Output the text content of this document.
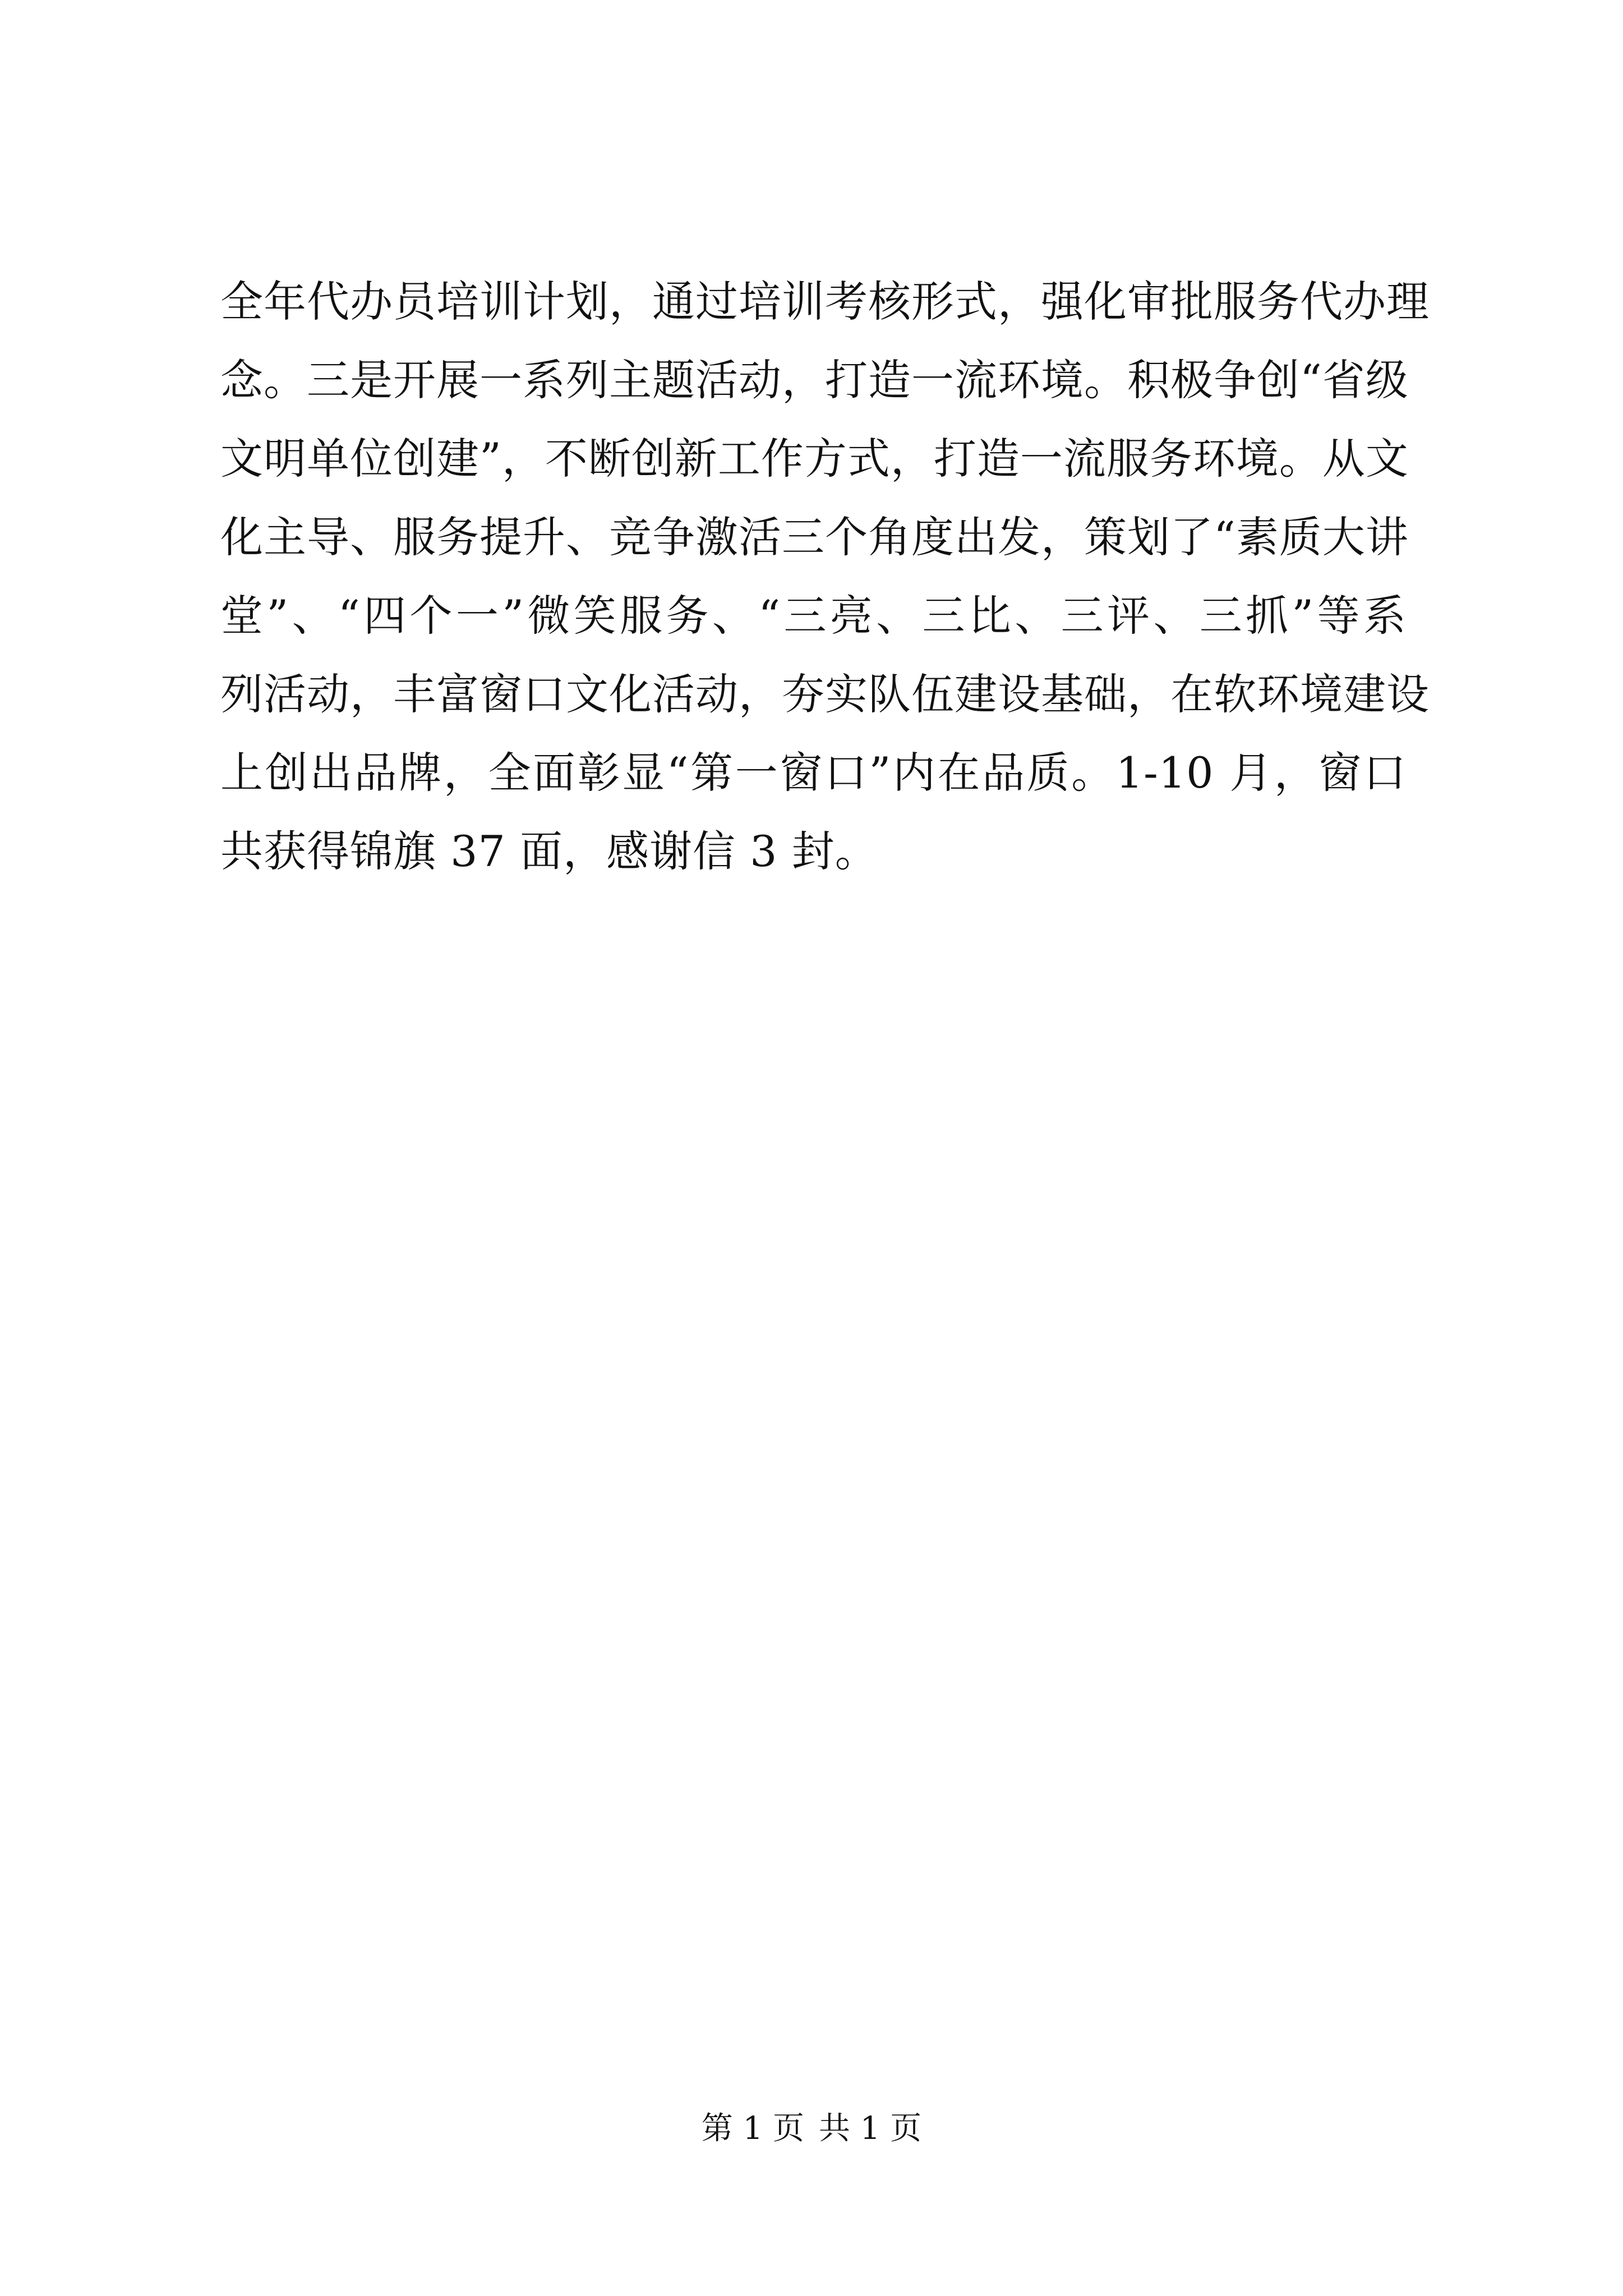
全年代办员培训计划，通过培训考核形式，强化审批服务代办理
念。三是开展一系列主题活动，打造一流环境。积极争创“省级
文明单位创建”，不断创新工作方式，打造一流服务环境。从文
化主导、服务提升、竞争激活三个角度出发，策划了“素质大讲
堂”、“四个一”微笑服务、“三亮、三比、三评、三抓”等系
列活动，丰富窗口文化活动，夯实队伍建设基础，在软环境建设
上创出品牌，全面彰显“第一窗口”内在品质。1-10 月，窗口
共获得锦旗 37 面，感谢信 3 封。
第 1 页 共 1 页
